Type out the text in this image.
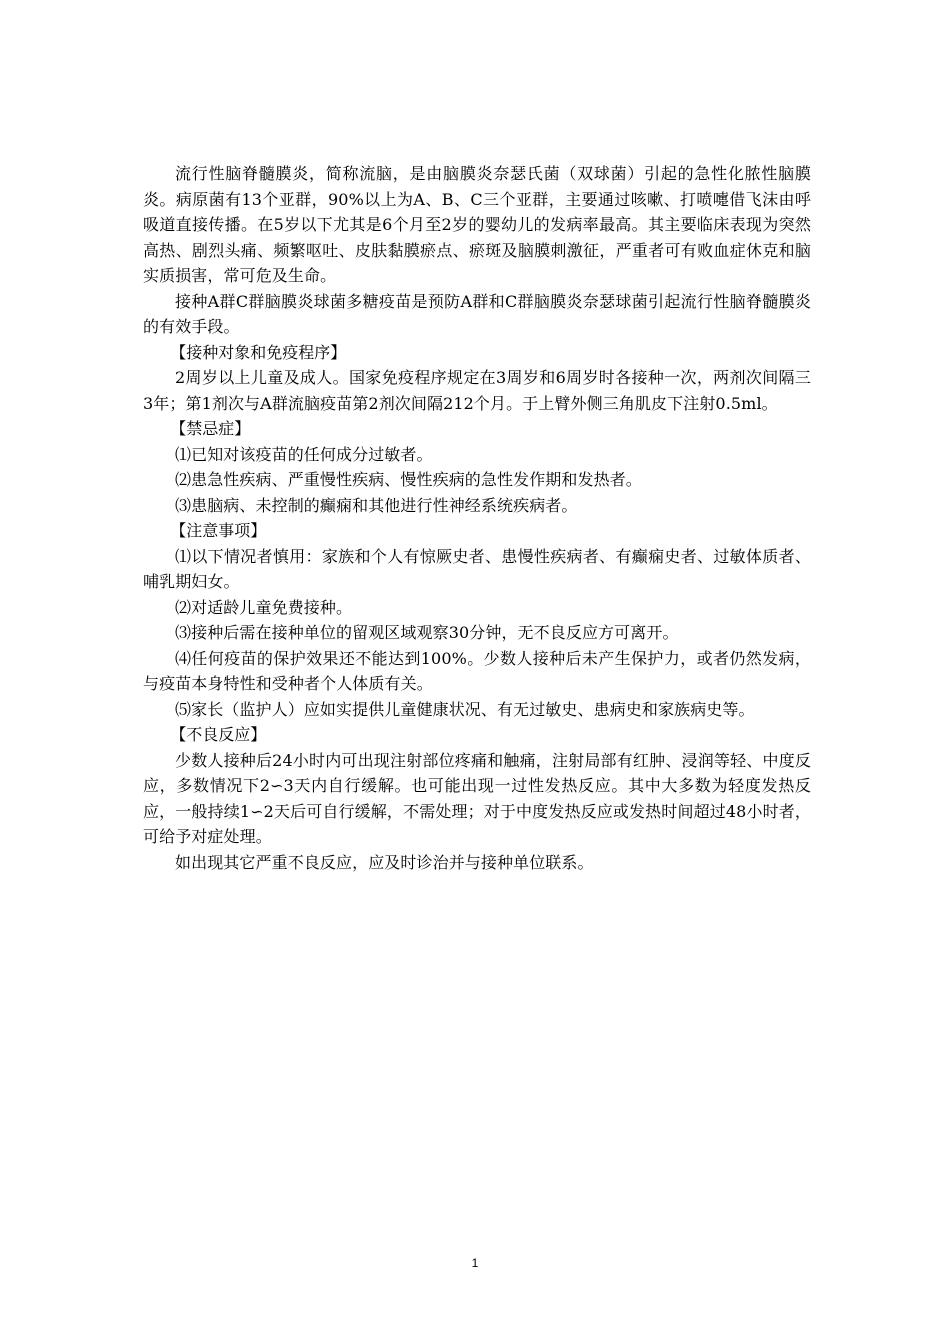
流行性脑脊髓膜炎，简称流脑，是由脑膜炎奈瑟氏菌（双球菌）引起的急性化脓性脑膜炎。病原菌有13个亚群，90%以上为A、B、C三个亚群，主要通过咳嗽、打喷嚏借飞沫由呼吸道直接传播。在5岁以下尤其是6个月至2岁的婴幼儿的发病率最高。其主要临床表现为突然高热、剧烈头痛、频繁呕吐、皮肤黏膜瘀点、瘀斑及脑膜刺激征，严重者可有败血症休克和脑实质损害，常可危及生命。

接种A群C群脑膜炎球菌多糖疫苗是预防A群和C群脑膜炎奈瑟球菌引起流行性脑脊髓膜炎的有效手段。

【接种对象和免疫程序】

2周岁以上儿童及成人。国家免疫程序规定在3周岁和6周岁时各接种一次，两剂次间隔三3年；第1剂次与A群流脑疫苗第2剂次间隔212个月。于上臂外侧三角肌皮下注射0.5ml。

【禁忌症】

⑴已知对该疫苗的任何成分过敏者。

⑵患急性疾病、严重慢性疾病、慢性疾病的急性发作期和发热者。

⑶患脑病、未控制的癫痫和其他进行性神经系统疾病者。

【注意事项】

⑴以下情况者慎用：家族和个人有惊厥史者、患慢性疾病者、有癫痫史者、过敏体质者、哺乳期妇女。

⑵对适龄儿童免费接种。

⑶接种后需在接种单位的留观区域观察30分钟，无不良反应方可离开。

⑷任何疫苗的保护效果还不能达到100%。少数人接种后未产生保护力，或者仍然发病，与疫苗本身特性和受种者个人体质有关。

⑸家长（监护人）应如实提供儿童健康状况、有无过敏史、患病史和家族病史等。

【不良反应】

少数人接种后24小时内可出现注射部位疼痛和触痛，注射局部有红肿、浸润等轻、中度反应，多数情况下2∽3天内自行缓解。也可能出现一过性发热反应。其中大多数为轻度发热反应，一般持续1∽2天后可自行缓解，不需处理；对于中度发热反应或发热时间超过48小时者，可给予对症处理。

如出现其它严重不良反应，应及时诊治并与接种单位联系。

1
